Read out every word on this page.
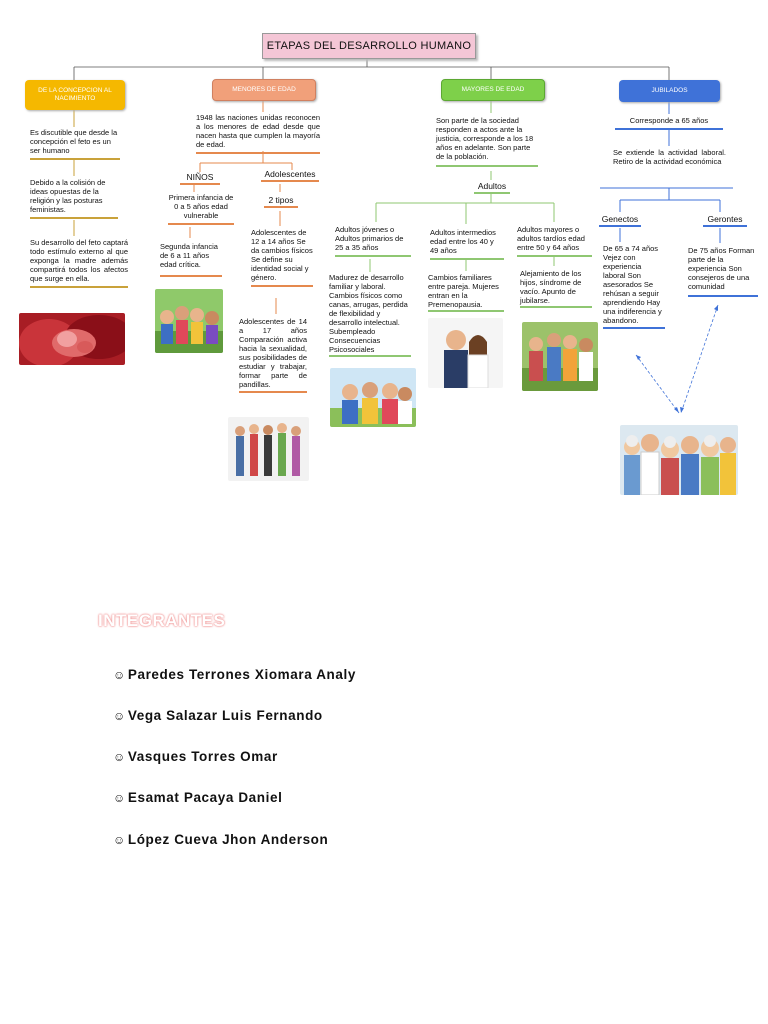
ETAPAS DEL DESARROLLO HUMANO
DE LA CONCEPCION AL NACIMIENTO
MENORES DE EDAD	MAYORES DE EDAD	JUBILADOS
Es discutible que desde la concepción el feto es un ser humano
Debido a la colisión de ideas opuestas de la religión y las posturas feministas.
Su desarrollo del feto captará todo estímulo externo al que exponga la madre además compartirá todos los afectos que surge en ella.
1948 las naciones unidas reconocen a los menores de edad desde que nacen hasta que cumplen la mayoría de edad.
NIÑOS	Adolescentes
Primera infancia de 0 a 5 años edad vulnerable
Segunda infancia de 6 a 11 años edad crítica.
2 tipos
Adolescentes de 12 a 14 años Se da cambios físicos Se define su identidad social y género.
Adolescentes de 14 a 17 años Comparación activa hacia la sexualidad, sus posibilidades de estudiar y trabajar, formar parte de pandillas.
Son parte de la sociedad responden a actos ante la justicia, corresponde a los 18 años en adelante. Son parte de la población.
Adultos
Adultos jóvenes o Adultos primarios de 25 a 35 años
Madurez de desarrollo familiar y laboral. Cambios físicos como canas, arrugas, perdida de flexibilidad y desarrollo intelectual. Subempleado Consecuencias Psicosociales
Adultos intermedios edad entre los 40 y 49 años
Cambios familiares entre pareja. Mujeres entran en la Premenopausia.
Adultos mayores o adultos tardíos edad entre 50 y 64 años
Alejamiento de los hijos, síndrome de vacío. Apunto de jubilarse.
Corresponde a 65 años
Se extiende la actividad laboral. Retiro de la actividad económica
Genectos	Gerontes
De 65 a 74 años Vejez con experiencia laboral Son asesorados Se rehúsan a seguir aprendiendo Hay una indiferencia y abandono.
De 75 años Forman parte de la experiencia Son consejeros de una comunidad
INTEGRANTES
☺ Paredes Terrones Xiomara Analy
☺ Vega Salazar Luis Fernando
☺ Vasques Torres Omar
☺ Esamat Pacaya Daniel
☺ López Cueva Jhon Anderson
